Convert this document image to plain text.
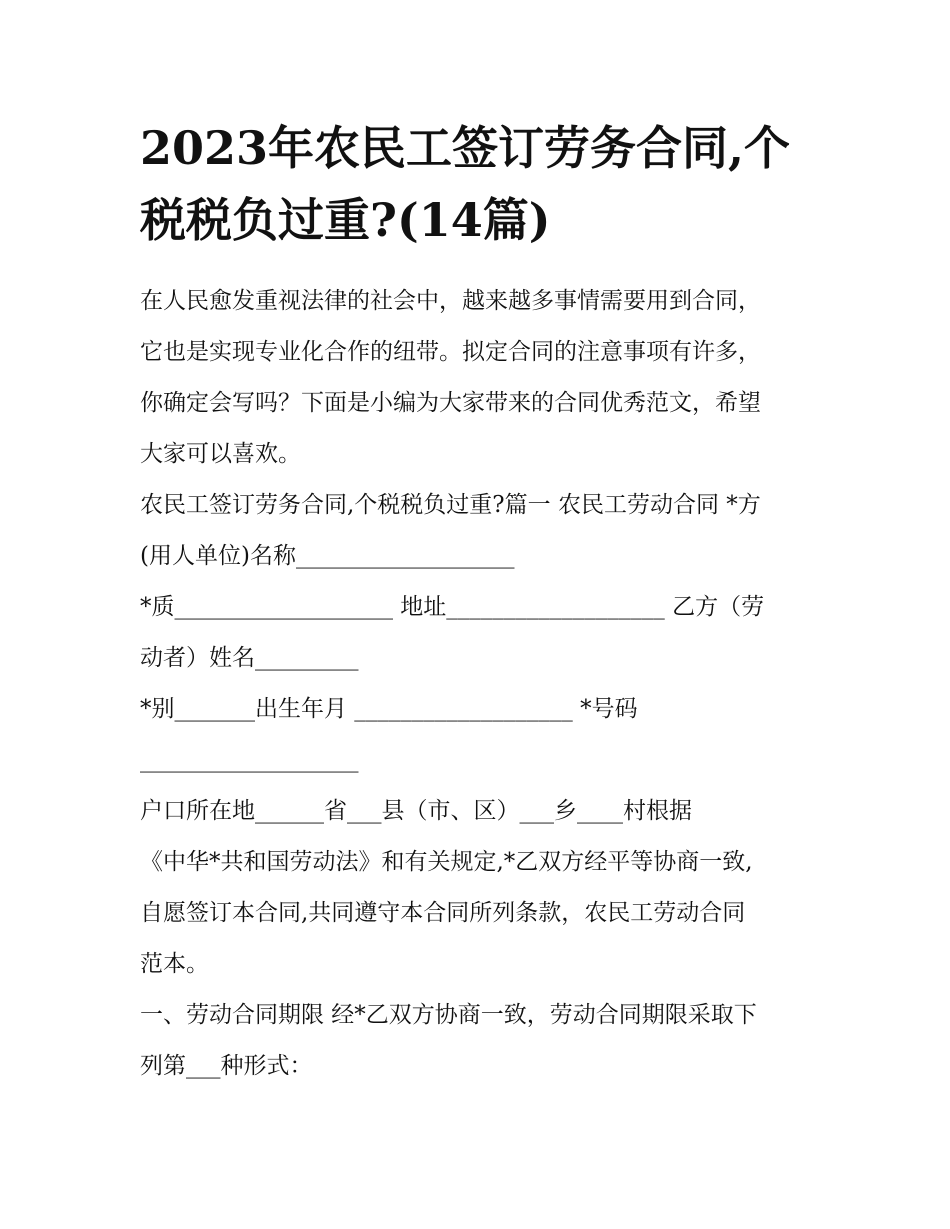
2023年农民工签订劳务合同,个
税税负过重?(14篇)

在人民愈发重视法律的社会中，越来越多事情需要用到合同，
它也是实现专业化合作的纽带。拟定合同的注意事项有许多，
你确定会写吗？下面是小编为大家带来的合同优秀范文，希望
大家可以喜欢。

农民工签订劳务合同,个税税负过重?篇一 农民工劳动合同 *方
(用人单位)名称___________________

*质___________________ 地址___________________ 乙方（劳
动者）姓名_________

*别_______出生年月 ___________________ *号码
___________________

户口所在地______省___县（市、区）___乡____村根据
《中华*共和国劳动法》和有关规定,*乙双方经平等协商一致,
自愿签订本合同,共同遵守本合同所列条款，农民工劳动合同
范本。

一、劳动合同期限 经*乙双方协商一致，劳动合同期限采取下
列第___种形式：
